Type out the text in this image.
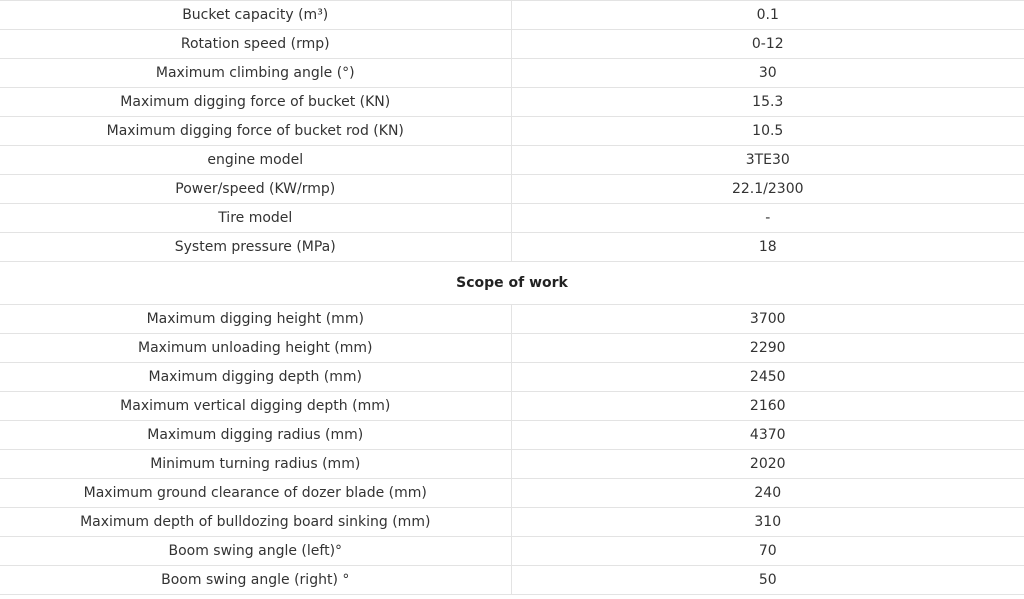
Bucket capacity (m³)	0.1
Rotation speed (rmp)	0-12
Maximum climbing angle (°)	30
Maximum digging force of bucket (KN)	15.3
Maximum digging force of bucket rod (KN)	10.5
engine model	3TE30
Power/speed (KW/rmp)	22.1/2300
Tire model	-
System pressure (MPa)	18
Scope of work	
Maximum digging height (mm)	3700
Maximum unloading height (mm)	2290
Maximum digging depth (mm)	2450
Maximum vertical digging depth (mm)	2160
Maximum digging radius (mm)	4370
Minimum turning radius (mm)	2020
Maximum ground clearance of dozer blade (mm)	240
Maximum depth of bulldozing board sinking (mm)	310
Boom swing angle (left)°	70
Boom swing angle (right) °	50
